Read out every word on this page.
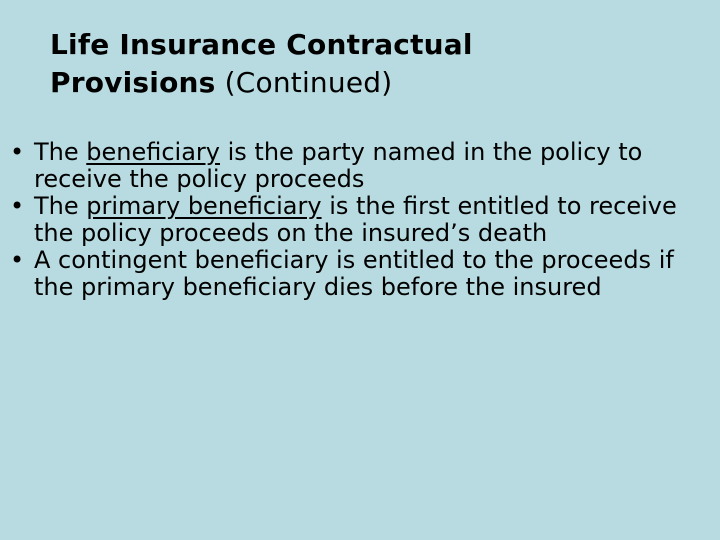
Life Insurance Contractual
Provisions (Continued)
• The beneficiary is the party named in the policy to receive the policy proceeds
• The primary beneficiary is the first entitled to receive the policy proceeds on the insured’s death
• A contingent beneficiary is entitled to the proceeds if the primary beneficiary dies before the insured
